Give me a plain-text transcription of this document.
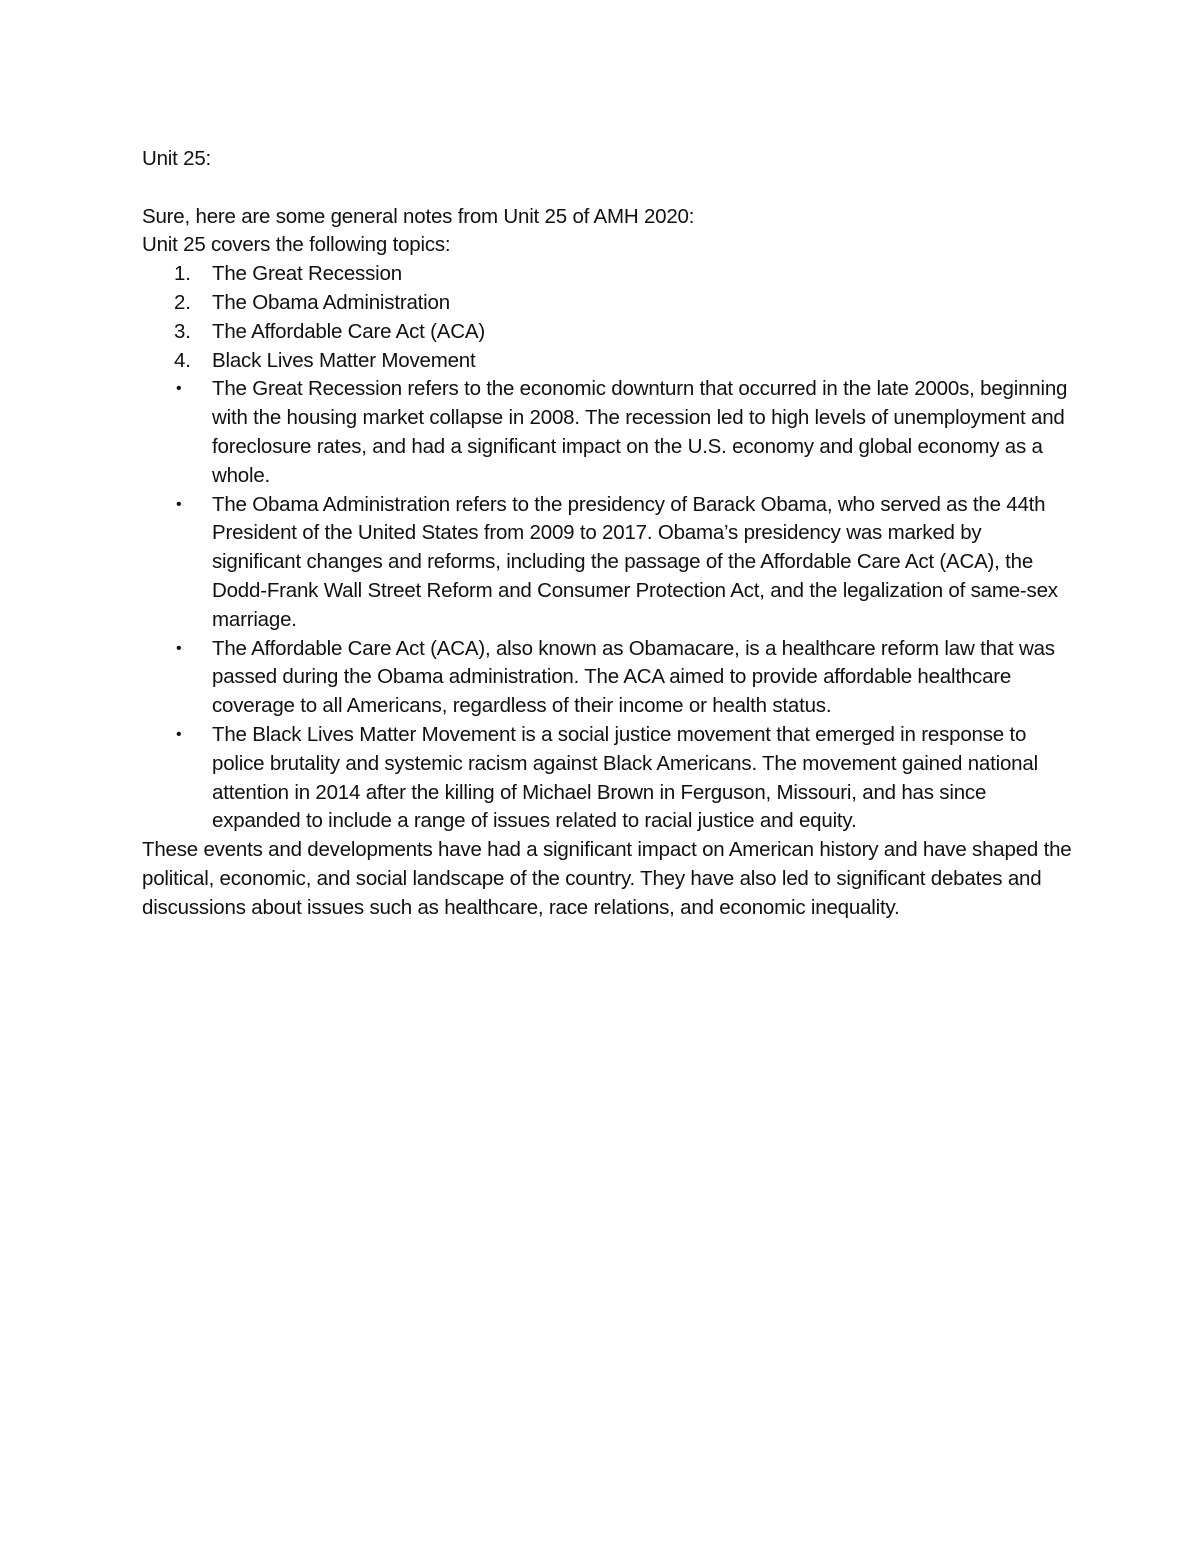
Unit 25:

Sure, here are some general notes from Unit 25 of AMH 2020:

Unit 25 covers the following topics:

1.	The Great Recession
2.	The Obama Administration
3.	The Affordable Care Act (ACA)
4.	Black Lives Matter Movement
•	The Great Recession refers to the economic downturn that occurred in the late 2000s, beginning with the housing market collapse in 2008. The recession led to high levels of unemployment and foreclosure rates, and had a significant impact on the U.S. economy and global economy as a whole.
•	The Obama Administration refers to the presidency of Barack Obama, who served as the 44th President of the United States from 2009 to 2017. Obama’s presidency was marked by significant changes and reforms, including the passage of the Affordable Care Act (ACA), the Dodd-Frank Wall Street Reform and Consumer Protection Act, and the legalization of same-sex marriage.
•	The Affordable Care Act (ACA), also known as Obamacare, is a healthcare reform law that was passed during the Obama administration. The ACA aimed to provide affordable healthcare coverage to all Americans, regardless of their income or health status.
•	The Black Lives Matter Movement is a social justice movement that emerged in response to police brutality and systemic racism against Black Americans. The movement gained national attention in 2014 after the killing of Michael Brown in Ferguson, Missouri, and has since expanded to include a range of issues related to racial justice and equity.

These events and developments have had a significant impact on American history and have shaped the political, economic, and social landscape of the country. They have also led to significant debates and discussions about issues such as healthcare, race relations, and economic inequality.
